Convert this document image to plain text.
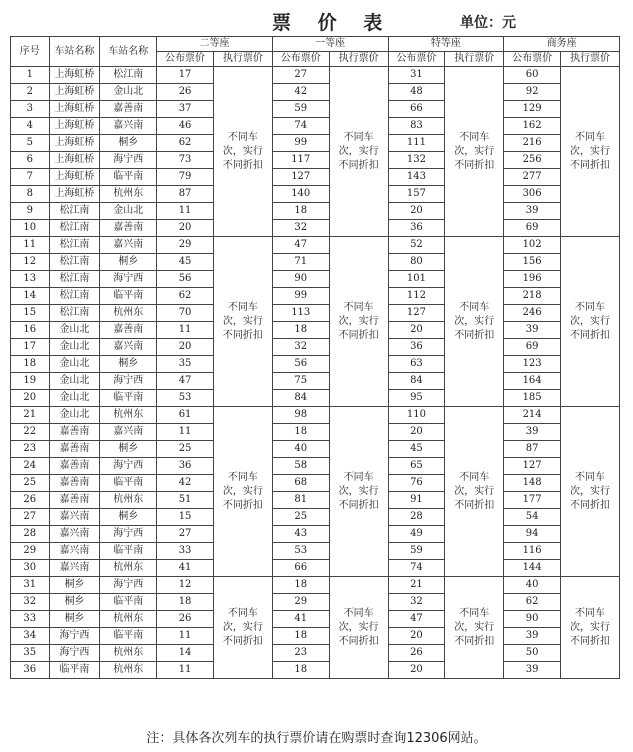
票 价 表	单位：元
序号	车站名称	车站名称	二等座		一等座		特等座		商务座	
			公布票价	执行票价	公布票价	执行票价	公布票价	执行票价	公布票价	执行票价
1	上海虹桥	松江南	17	不同车
次，实行
不同折扣	27	不同车
次，实行
不同折扣	31	不同车
次，实行
不同折扣	60	不同车
次，实行
不同折扣

2	上海虹桥	金山北	26		42		48		92	
3	上海虹桥	嘉善南	37		59		66		129	
4	上海虹桥	嘉兴南	46		74		83		162	
5	上海虹桥	桐乡	62		99		111		216	
6	上海虹桥	海宁西	73		117		132		256	
7	上海虹桥	临平南	79		127		143		277	
8	上海虹桥	杭州东	87		140		157		306	
9	松江南	金山北	11		18		20		39	
10	松江南	嘉善南	20		32		36		69	
11	松江南	嘉兴南	29	不同车
次，实行
不同折扣	47	不同车
次，实行
不同折扣	52	不同车
次，实行
不同折扣	102	不同车
次，实行
不同折扣

12	松江南	桐乡	45		71		80		156	
13	松江南	海宁西	56		90		101		196	
14	松江南	临平南	62		99		112		218	
15	松江南	杭州东	70		113		127		246	
16	金山北	嘉善南	11		18		20		39	
17	金山北	嘉兴南	20		32		36		69	
18	金山北	桐乡	35		56		63		123	
19	金山北	海宁西	47		75		84		164	
20	金山北	临平南	53		84		95		185	
21	金山北	杭州东	61	不同车
次，实行
不同折扣	98	不同车
次，实行
不同折扣	110	不同车
次，实行
不同折扣	214	不同车
次，实行
不同折扣

22	嘉善南	嘉兴南	11		18		20		39	
23	嘉善南	桐乡	25		40		45		87	
24	嘉善南	海宁西	36		58		65		127	
25	嘉善南	临平南	42		68		76		148	
26	嘉善南	杭州东	51		81		91		177	
27	嘉兴南	桐乡	15		25		28		54	
28	嘉兴南	海宁西	27		43		49		94	
29	嘉兴南	临平南	33		53		59		116	
30	嘉兴南	杭州东	41		66		74		144	
31	桐乡	海宁西	12	不同车
次，实行
不同折扣	18	不同车
次，实行
不同折扣	21	不同车
次，实行
不同折扣	40	不同车
次，实行
不同折扣

32	桐乡	临平南	18		29		32		62	
33	桐乡	杭州东	26		41		47		90	
34	海宁西	临平南	11		18		20		39	
35	海宁西	杭州东	14		23		26		50	
36	临平南	杭州东	11		18		20		39	
注：具体各次列车的执行票价请在购票时查询12306网站。
